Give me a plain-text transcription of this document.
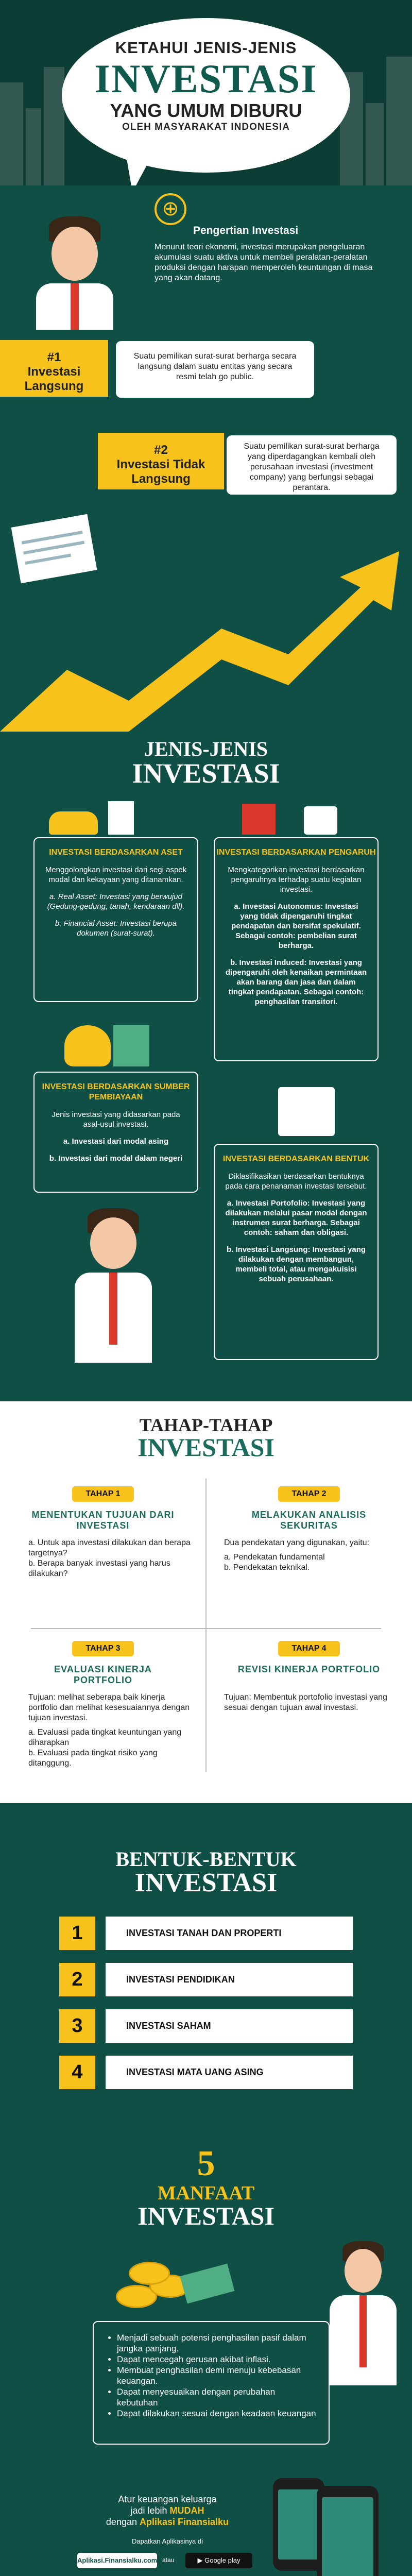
KETAHUI JENIS-JENIS
INVESTASI
YANG UMUM DIBURU
OLEH MASYARAKAT INDONESIA
⊕
Pengertian Investasi
Menurut teori ekonomi, investasi merupakan pengeluaran akumulasi suatu aktiva untuk membeli peralatan-peralatan produksi dengan harapan memperoleh keuntungan di masa yang akan datang.
#1
Investasi Langsung
Suatu pemilikan surat-surat berharga secara langsung dalam suatu entitas yang secara resmi telah go public.
#2
Investasi Tidak Langsung
Suatu pemilikan surat-surat berharga yang diperdagangkan kembali oleh perusahaan investasi (investment company) yang berfungsi sebagai perantara.
JENIS-JENIS
INVESTASI
INVESTASI BERDASARKAN ASET

Menggolongkan investasi dari segi aspek modal dan kekayaan yang ditanamkan.

a. Real Asset: Investasi yang berwujud (Gedung-gedung, tanah, kendaraan dll).

b. Financial Asset: Investasi berupa dokumen (surat-surat).

INVESTASI BERDASARKAN PENGARUH

Mengkategorikan investasi berdasarkan pengaruhnya terhadap suatu kegiatan investasi.

a. Investasi Autonomus: Investasi yang tidak dipengaruhi tingkat pendapatan dan bersifat spekulatif. Sebagai contoh: pembelian surat berharga.

b. Investasi Induced: Investasi yang dipengaruhi oleh kenaikan permintaan akan barang dan jasa dan dalam tingkat pendapatan. Sebagai contoh: penghasilan transitori.

INVESTASI BERDASARKAN SUMBER PEMBIAYAAN

Jenis investasi yang didasarkan pada asal-usul investasi.

a. Investasi dari modal asing

b. Investasi dari modal dalam negeri	INVESTASI BERDASARKAN BENTUK

Diklasifikasikan berdasarkan bentuknya pada cara penanaman investasi tersebut.

a. Investasi Portofolio: Investasi yang dilakukan melalui pasar modal dengan instrumen surat berharga. Sebagai contoh: saham dan obligasi.

b. Investasi Langsung: Investasi yang dilakukan dengan membangun, membeli total, atau mengakuisisi sebuah perusahaan.

TAHAP-TAHAP
INVESTASI
TAHAP 1
MENENTUKAN TUJUAN DARI INVESTASI
a. Untuk apa investasi dilakukan dan berapa targetnya?
b. Berapa banyak investasi yang harus dilakukan?
TAHAP 2
MELAKUKAN ANALISIS SEKURITAS
Dua pendekatan yang digunakan, yaitu:
a. Pendekatan fundamental
b. Pendekatan teknikal.
TAHAP 3
EVALUASI KINERJA PORTFOLIO
Tujuan: melihat seberapa baik kinerja portfolio dan melihat kesesuaiannya dengan tujuan investasi.
a. Evaluasi pada tingkat keuntungan yang diharapkan
b. Evaluasi pada tingkat risiko yang ditanggung.
TAHAP 4
REVISI KINERJA PORTFOLIO
Tujuan: Membentuk portofolio investasi yang sesuai dengan tujuan awal investasi.
BENTUK-BENTUK
INVESTASI
1	INVESTASI TANAH DAN PROPERTI
2	INVESTASI PENDIDIKAN
3	INVESTASI SAHAM
4	INVESTASI MATA UANG ASING
5
MANFAAT
INVESTASI
• Menjadi sebuah potensi penghasilan pasif dalam jangka panjang.
• Dapat mencegah gerusan akibat inflasi.
• Membuat penghasilan demi menuju kebebasan keuangan.
• Dapat menyesuaikan dengan perubahan kebutuhan
• Dapat dilakukan sesuai dengan keadaan keuangan
Atur keuangan keluarga
jadi lebih MUDAH
dengan Aplikasi Finansialku
Dapatkan Aplikasinya di
Aplikasi.Finansialku.com atau	▶ Google play
